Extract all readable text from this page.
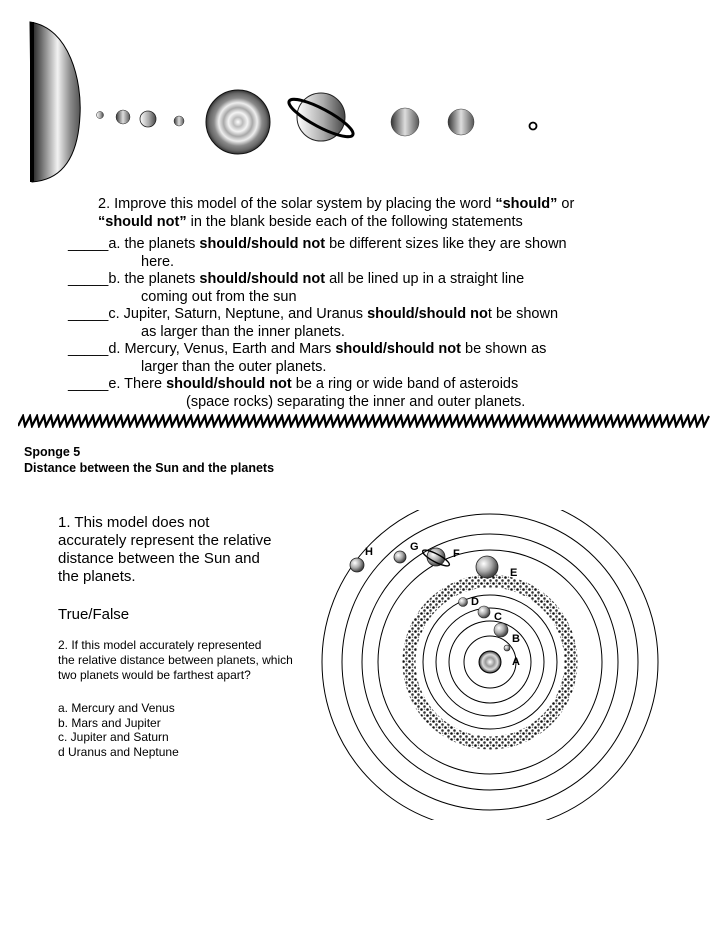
2. Improve this model of the solar system by placing the word “should” or
“should not” in the blank beside each of the following statements
_____a. the planets should/should not be different sizes like they are shown
here.
_____b. the planets should/should not all be lined up in a straight line
coming out from the sun
_____c. Jupiter, Saturn, Neptune, and Uranus should/should not be shown
as larger than the inner planets.
_____d. Mercury, Venus, Earth and Mars should/should not be shown as
larger than the outer planets.
_____e. There should/should not be a ring or wide band of asteroids
(space rocks) separating the inner and outer planets.
Sponge 5
Distance between the Sun and the planets
1. This model does not
accurately represent the relative
distance between the Sun and
the planets.
True/False
2. If this model accurately represented
the relative distance between planets, which
two planets would be farthest apart?
a. Mercury and Venus
b. Mars and Jupiter
c. Jupiter and Saturn
d Uranus and Neptune
A
B
C
D
E
F
G
H
